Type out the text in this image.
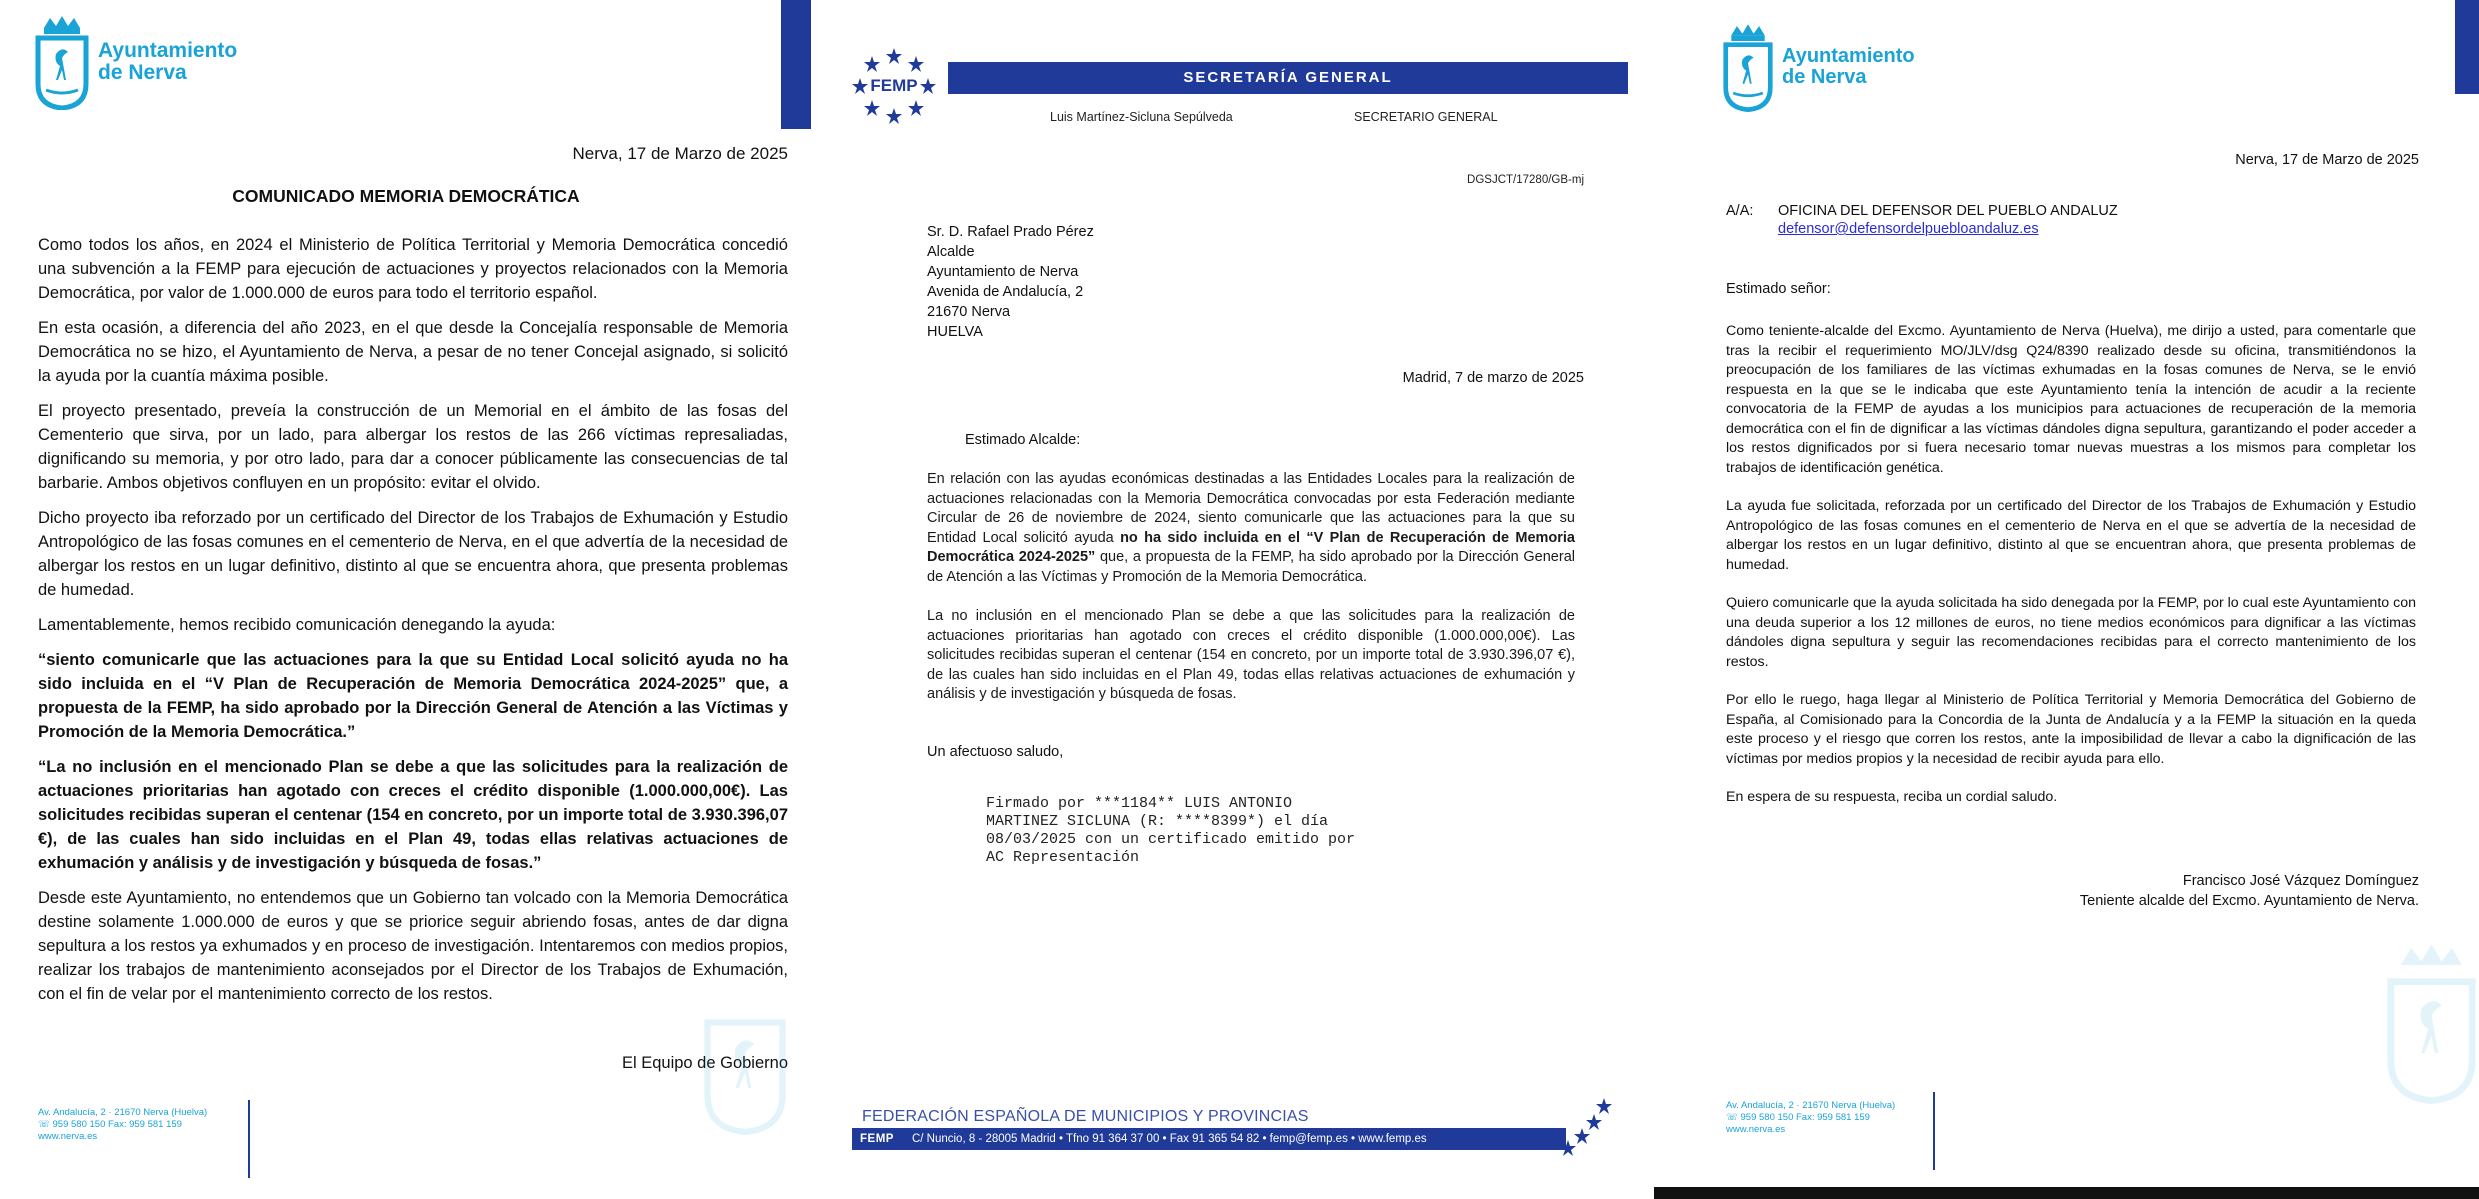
Ayuntamiento
de Nerva
Nerva, 17 de Marzo de 2025
COMUNICADO MEMORIA DEMOCRÁTICA

Como todos los años, en 2024 el Ministerio de Política Territorial y Memoria Democrática concedió una subvención a la FEMP para ejecución de actuaciones y proyectos relacionados con la Memoria Democrática, por valor de 1.000.000 de euros para todo el territorio español.

En esta ocasión, a diferencia del año 2023, en el que desde la Concejalía responsable de Memoria Democrática no se hizo, el Ayuntamiento de Nerva, a pesar de no tener Concejal asignado, si solicitó la ayuda por la cuantía máxima posible.

El proyecto presentado, preveía la construcción de un Memorial en el ámbito de las fosas del Cementerio que sirva, por un lado, para albergar los restos de las 266 víctimas represaliadas, dignificando su memoria, y por otro lado, para dar a conocer públicamente las consecuencias de tal barbarie. Ambos objetivos confluyen en un propósito: evitar el olvido.

Dicho proyecto iba reforzado por un certificado del Director de los Trabajos de Exhumación y Estudio Antropológico de las fosas comunes en el cementerio de Nerva, en el que advertía de la necesidad de albergar los restos en un lugar definitivo, distinto al que se encuentra ahora, que presenta problemas de humedad.

Lamentablemente, hemos recibido comunicación denegando la ayuda:

“siento comunicarle que las actuaciones para la que su Entidad Local solicitó ayuda no ha sido incluida en el “V Plan de Recuperación de Memoria Democrática 2024-2025” que, a propuesta de la FEMP, ha sido aprobado por la Dirección General de Atención a las Víctimas y Promoción de la Memoria Democrática.”

“La no inclusión en el mencionado Plan se debe a que las solicitudes para la realización de actuaciones prioritarias han agotado con creces el crédito disponible (1.000.000,00€). Las solicitudes recibidas superan el centenar (154 en concreto, por un importe total de 3.930.396,07 €), de las cuales han sido incluidas en el Plan 49, todas ellas relativas actuaciones de exhumación y análisis y de investigación y búsqueda de fosas.”

Desde este Ayuntamiento, no entendemos que un Gobierno tan volcado con la Memoria Democrática destine solamente 1.000.000 de euros y que se priorice seguir abriendo fosas, antes de dar digna sepultura a los restos ya exhumados y en proceso de investigación. Intentaremos con medios propios, realizar los trabajos de mantenimiento aconsejados por el Director de los Trabajos de Exhumación, con el fin de velar por el mantenimiento correcto de los restos.

El Equipo de Gobierno
Av. Andalucía, 2 · 21670 Nerva (Huelva)
☏ 959 580 150 Fax: 959 581 159
www.nerva.es
FEMP	SECRETARÍA GENERAL
Luis Martínez-Sicluna Sepúlveda	SECRETARIO GENERAL
DGSJCT/17280/GB-mj
Sr. D. Rafael Prado Pérez
Alcalde
Ayuntamiento de Nerva
Avenida de Andalucía, 2
21670 Nerva
HUELVA
Madrid, 7 de marzo de 2025
Estimado Alcalde:

En relación con las ayudas económicas destinadas a las Entidades Locales para la realización de actuaciones relacionadas con la Memoria Democrática convocadas por esta Federación mediante Circular de 26 de noviembre de 2024, siento comunicarle que las actuaciones para la que su Entidad Local solicitó ayuda no ha sido incluida en el “V Plan de Recuperación de Memoria Democrática 2024-2025” que, a propuesta de la FEMP, ha sido aprobado por la Dirección General de Atención a las Víctimas y Promoción de la Memoria Democrática.

La no inclusión en el mencionado Plan se debe a que las solicitudes para la realización de actuaciones prioritarias han agotado con creces el crédito disponible (1.000.000,00€). Las solicitudes recibidas superan el centenar (154 en concreto, por un importe total de 3.930.396,07 €), de las cuales han sido incluidas en el Plan 49, todas ellas relativas actuaciones de exhumación y análisis y de investigación y búsqueda de fosas.

Un afectuoso saludo,
Firmado por ***1184** LUIS ANTONIO
MARTINEZ SICLUNA (R: ****8399*) el día
08/03/2025 con un certificado emitido por
AC Representación
FEDERACIÓN ESPAÑOLA DE MUNICIPIOS Y PROVINCIAS
FEMP C/ Nuncio, 8 - 28005 Madrid • Tfno 91 364 37 00 • Fax 91 365 54 82 • femp@femp.es • www.femp.es
Ayuntamiento
de Nerva
Nerva, 17 de Marzo de 2025
A/A: OFICINA DEL DEFENSOR DEL PUEBLO ANDALUZ
defensor@defensordelpuebloandaluz.es
Estimado señor:

Como teniente-alcalde del Excmo. Ayuntamiento de Nerva (Huelva), me dirijo a usted, para comentarle que tras la recibir el requerimiento MO/JLV/dsg Q24/8390 realizado desde su oficina, transmitiéndonos la preocupación de los familiares de las víctimas exhumadas en la fosas comunes de Nerva, se le envió respuesta en la que se le indicaba que este Ayuntamiento tenía la intención de acudir a la reciente convocatoria de la FEMP de ayudas a los municipios para actuaciones de recuperación de la memoria democrática con el fin de dignificar a las víctimas dándoles digna sepultura, garantizando el poder acceder a los restos dignificados por si fuera necesario tomar nuevas muestras a los mismos para completar los trabajos de identificación genética.

La ayuda fue solicitada, reforzada por un certificado del Director de los Trabajos de Exhumación y Estudio Antropológico de las fosas comunes en el cementerio de Nerva en el que se advertía de la necesidad de albergar los restos en un lugar definitivo, distinto al que se encuentran ahora, que presenta problemas de humedad.

Quiero comunicarle que la ayuda solicitada ha sido denegada por la FEMP, por lo cual este Ayuntamiento con una deuda superior a los 12 millones de euros, no tiene medios económicos para dignificar a las víctimas dándoles digna sepultura y seguir las recomendaciones recibidas para el correcto mantenimiento de los restos.

Por ello le ruego, haga llegar al Ministerio de Política Territorial y Memoria Democrática del Gobierno de España, al Comisionado para la Concordia de la Junta de Andalucía y a la FEMP la situación en la queda este proceso y el riesgo que corren los restos, ante la imposibilidad de llevar a cabo la dignificación de las víctimas por medios propios y la necesidad de recibir ayuda para ello.

En espera de su respuesta, reciba un cordial saludo.

Francisco José Vázquez Domínguez
Teniente alcalde del Excmo. Ayuntamiento de Nerva.
Av. Andalucía, 2 · 21670 Nerva (Huelva)
☏ 959 580 150 Fax: 959 581 159
www.nerva.es
